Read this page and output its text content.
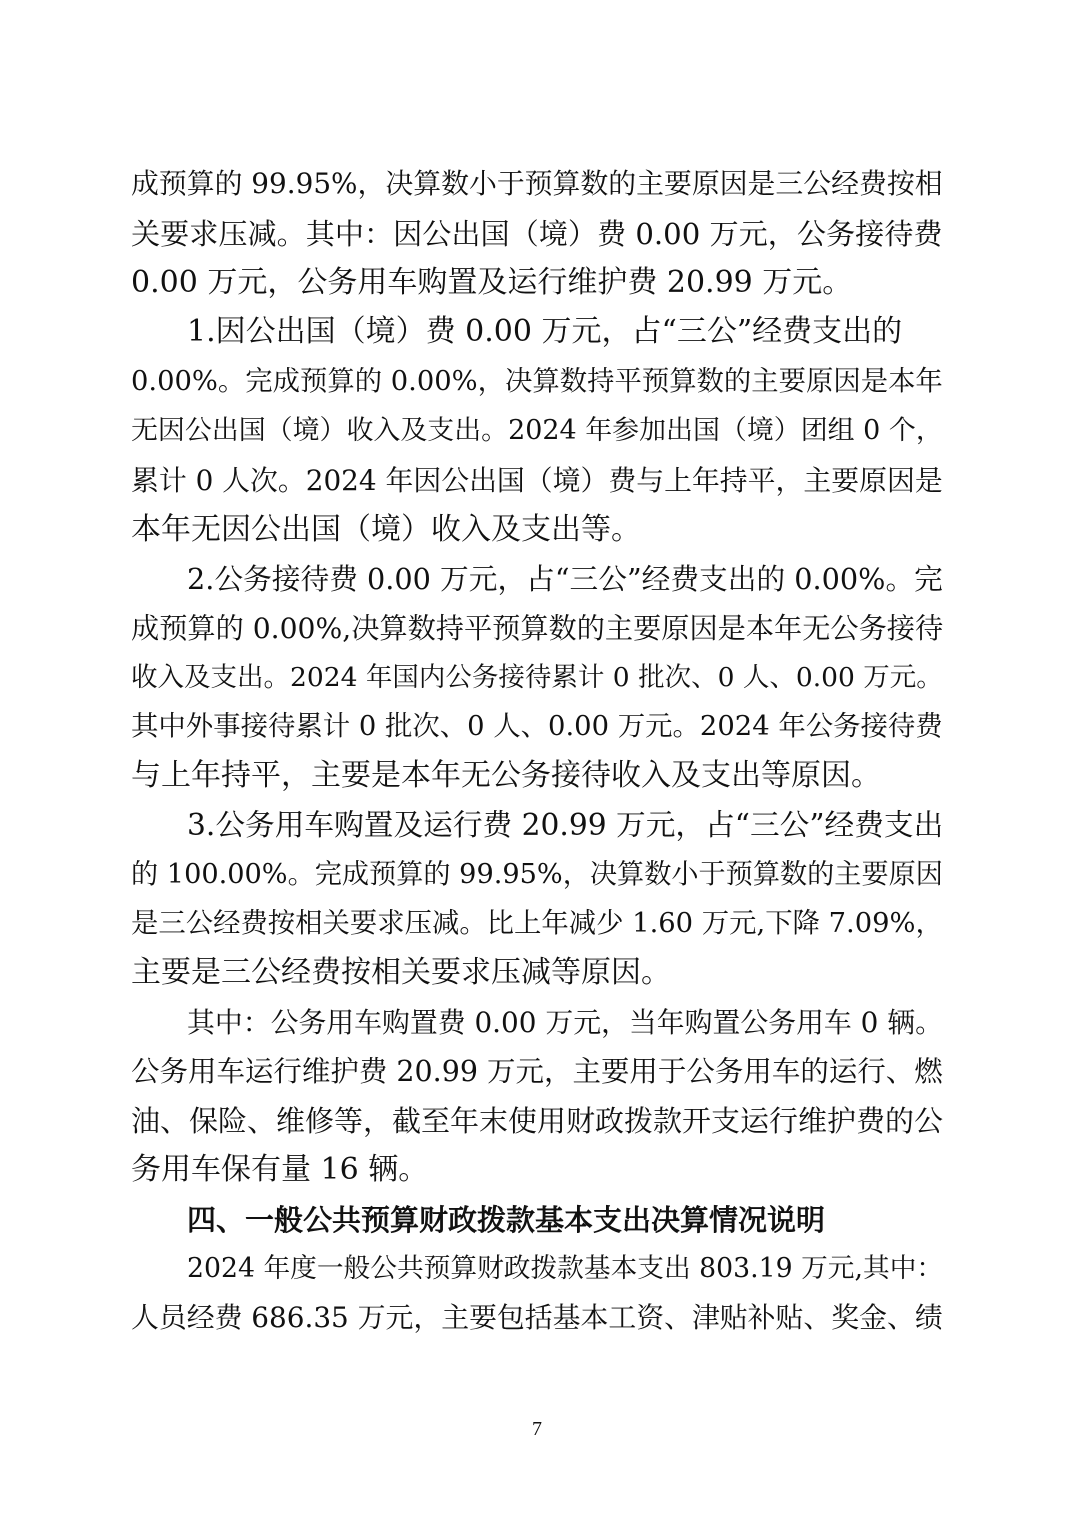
成预算的 99.95%，决算数小于预算数的主要原因是三公经费按相
关要求压减。其中：因公出国（境）费 0.00 万元，公务接待费
0.00 万元，公务用车购置及运行维护费 20.99 万元。
1.因公出国（境）费 0.00 万元，占“三公”经费支出的
0.00%。完成预算的 0.00%，决算数持平预算数的主要原因是本年
无因公出国（境）收入及支出。2024 年参加出国（境）团组 0 个，
累计 0 人次。2024 年因公出国（境）费与上年持平，主要原因是
本年无因公出国（境）收入及支出等。
2.公务接待费 0.00 万元，占“三公”经费支出的 0.00%。完
成预算的 0.00%,决算数持平预算数的主要原因是本年无公务接待
收入及支出。2024 年国内公务接待累计 0 批次、0 人、0.00 万元。
其中外事接待累计 0 批次、0 人、0.00 万元。2024 年公务接待费
与上年持平，主要是本年无公务接待收入及支出等原因。
3.公务用车购置及运行费 20.99 万元，占“三公”经费支出
的 100.00%。完成预算的 99.95%，决算数小于预算数的主要原因
是三公经费按相关要求压减。比上年减少 1.60 万元,下降 7.09%，
主要是三公经费按相关要求压减等原因。
其中：公务用车购置费 0.00 万元，当年购置公务用车 0 辆。
公务用车运行维护费 20.99 万元，主要用于公务用车的运行、燃
油、保险、维修等，截至年末使用财政拨款开支运行维护费的公
务用车保有量 16 辆。
四、一般公共预算财政拨款基本支出决算情况说明
2024 年度一般公共预算财政拨款基本支出 803.19 万元,其中：
人员经费 686.35 万元，主要包括基本工资、津贴补贴、奖金、绩
7
